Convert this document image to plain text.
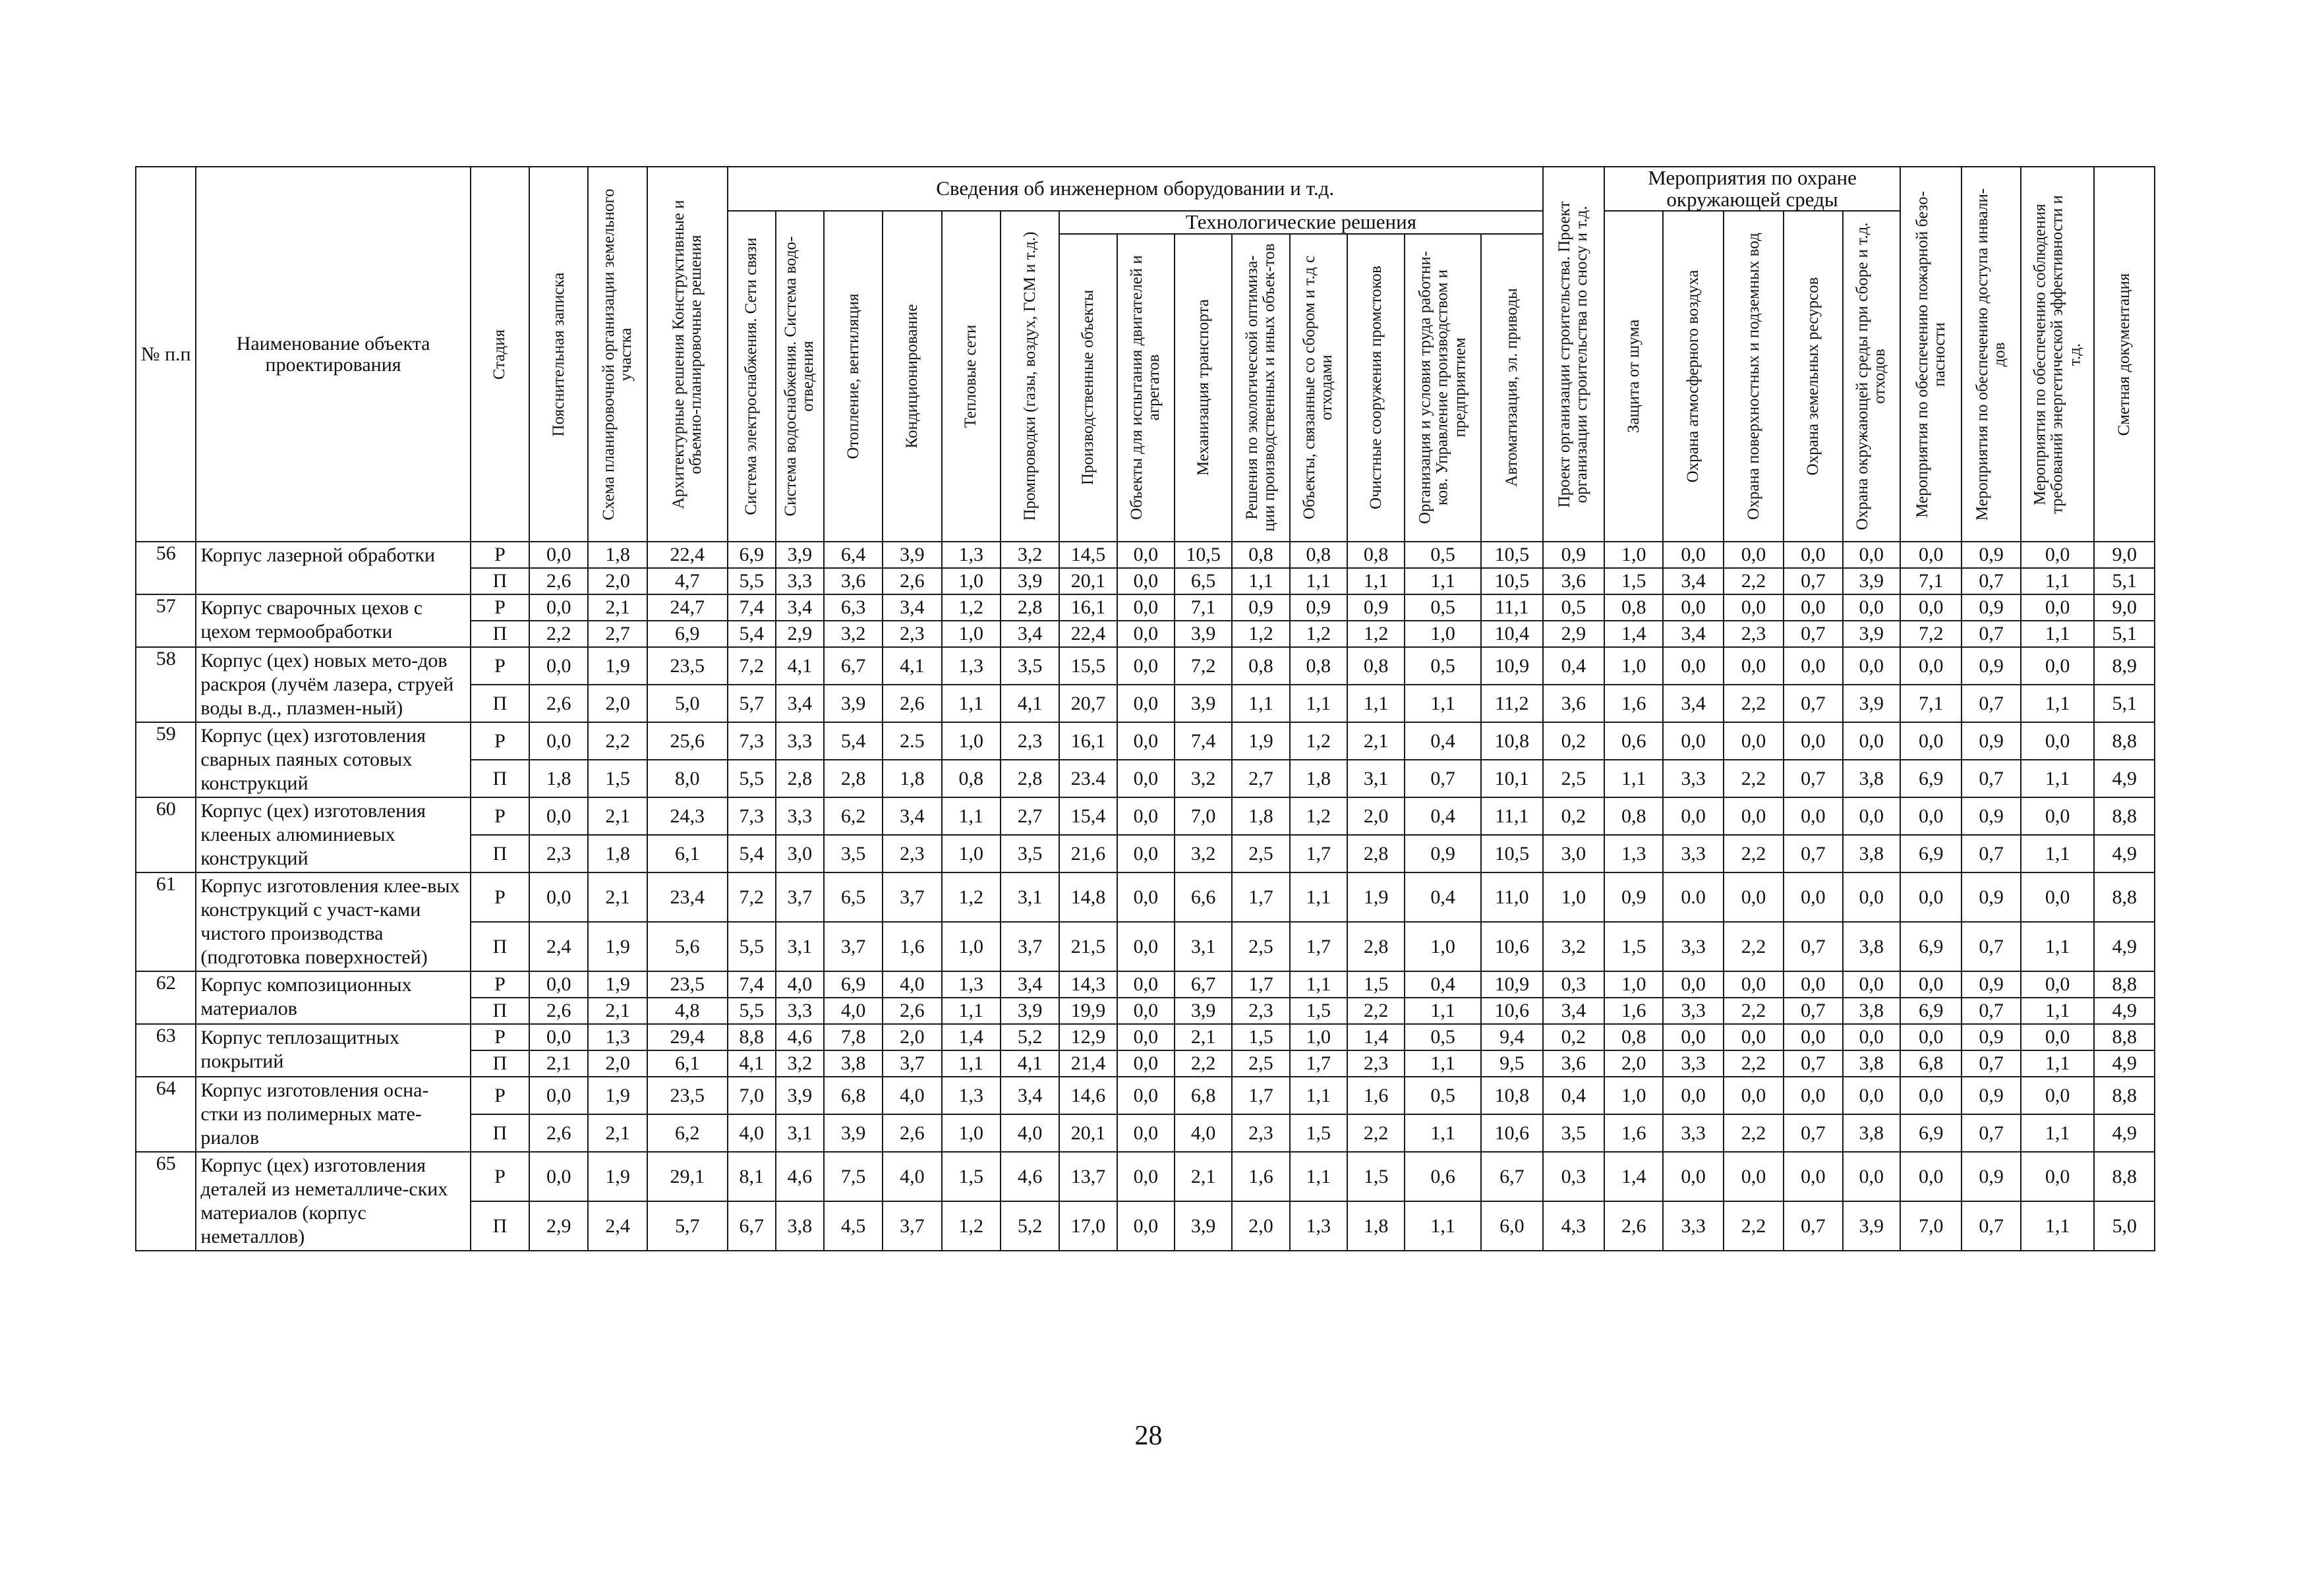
№ п.п	Наименование объекта проектирования	Стадия	Пояснительная записка	Схема планировочной организации земельного участка	Архитектурные решения Конструктивные и объемно-планировочные решения	Сведения об инженерном оборудовании и т.д.														Проект организации строительства. Проект организации строительства по сносу и т.д.	Мероприятия по охране окружающей среды					Мероприятия по обеспечению пожарной безо-пасности	Мероприятия по обеспечению доступа инвали-дов	Мероприятия по обеспечению соблюдения требований энергетической эффективности и т.д.	Сметная документация

						Система электроснабжения. Сети связи	Система водоснабжения. Система водо-отведения	Отопление, вентиляция	Кондиционирование	Тепловые сети	Промпроводки (газы, воздух, ГСМ и т.д.)	Технологические решения									Защита от шума	Охрана атмосферного воздуха	Охрана поверхностных и подземных вод	Охрана земельных ресурсов	Охрана окружающей среды при сборе и т.д. отходов				

												Производственные объекты	Объекты для испытания двигателей и агрегатов	Механизация транспорта	Решения по экологической оптимиза-ции производственных и иных объек-тов	Объекты, связанные со сбором и т.д с отходами	Очистные сооружения промстоков	Организация и условия труда работни-ков. Управление производством и предприятием	Автоматизация, эл. приводы										

56	Корпус лазерной обработки	Р	0,0	1,8	22,4	6,9	3,9	6,4	3,9	1,3	3,2	14,5	0,0	10,5	0,8	0,8	0,8	0,5	10,5	0,9	1,0	0,0	0,0	0,0	0,0	0,0	0,9	0,0	9,0
		П	2,6	2,0	4,7	5,5	3,3	3,6	2,6	1,0	3,9	20,1	0,0	6,5	1,1	1,1	1,1	1,1	10,5	3,6	1,5	3,4	2,2	0,7	3,9	7,1	0,7	1,1	5,1
57	Корпус сварочных цехов с цехом термообработки	Р	0,0	2,1	24,7	7,4	3,4	6,3	3,4	1,2	2,8	16,1	0,0	7,1	0,9	0,9	0,9	0,5	11,1	0,5	0,8	0,0	0,0	0,0	0,0	0,0	0,9	0,0	9,0
		П	2,2	2,7	6,9	5,4	2,9	3,2	2,3	1,0	3,4	22,4	0,0	3,9	1,2	1,2	1,2	1,0	10,4	2,9	1,4	3,4	2,3	0,7	3,9	7,2	0,7	1,1	5,1
58	Корпус (цех) новых мето-дов раскроя (лучём лазера, струей воды в.д., плазмен-ный)	Р	0,0	1,9	23,5	7,2	4,1	6,7	4,1	1,3	3,5	15,5	0,0	7,2	0,8	0,8	0,8	0,5	10,9	0,4	1,0	0,0	0,0	0,0	0,0	0,0	0,9	0,0	8,9
		П	2,6	2,0	5,0	5,7	3,4	3,9	2,6	1,1	4,1	20,7	0,0	3,9	1,1	1,1	1,1	1,1	11,2	3,6	1,6	3,4	2,2	0,7	3,9	7,1	0,7	1,1	5,1
59	Корпус (цех) изготовления сварных паяных сотовых конструкций	Р	0,0	2,2	25,6	7,3	3,3	5,4	2.5	1,0	2,3	16,1	0,0	7,4	1,9	1,2	2,1	0,4	10,8	0,2	0,6	0,0	0,0	0,0	0,0	0,0	0,9	0,0	8,8
		П	1,8	1,5	8,0	5,5	2,8	2,8	1,8	0,8	2,8	23.4	0,0	3,2	2,7	1,8	3,1	0,7	10,1	2,5	1,1	3,3	2,2	0,7	3,8	6,9	0,7	1,1	4,9
60	Корпус (цех) изготовления клееных алюминиевых конструкций	Р	0,0	2,1	24,3	7,3	3,3	6,2	3,4	1,1	2,7	15,4	0,0	7,0	1,8	1,2	2,0	0,4	11,1	0,2	0,8	0,0	0,0	0,0	0,0	0,0	0,9	0,0	8,8
		П	2,3	1,8	6,1	5,4	3,0	3,5	2,3	1,0	3,5	21,6	0,0	3,2	2,5	1,7	2,8	0,9	10,5	3,0	1,3	3,3	2,2	0,7	3,8	6,9	0,7	1,1	4,9
61	Корпус изготовления клее-вых конструкций с участ-ками чистого производства (подготовка поверхностей)	Р	0,0	2,1	23,4	7,2	3,7	6,5	3,7	1,2	3,1	14,8	0,0	6,6	1,7	1,1	1,9	0,4	11,0	1,0	0,9	0.0	0,0	0,0	0,0	0,0	0,9	0,0	8,8
		П	2,4	1,9	5,6	5,5	3,1	3,7	1,6	1,0	3,7	21,5	0,0	3,1	2,5	1,7	2,8	1,0	10,6	3,2	1,5	3,3	2,2	0,7	3,8	6,9	0,7	1,1	4,9
62	Корпус композиционных материалов	Р	0,0	1,9	23,5	7,4	4,0	6,9	4,0	1,3	3,4	14,3	0,0	6,7	1,7	1,1	1,5	0,4	10,9	0,3	1,0	0,0	0,0	0,0	0,0	0,0	0,9	0,0	8,8
		П	2,6	2,1	4,8	5,5	3,3	4,0	2,6	1,1	3,9	19,9	0,0	3,9	2,3	1,5	2,2	1,1	10,6	3,4	1,6	3,3	2,2	0,7	3,8	6,9	0,7	1,1	4,9
63	Корпус теплозащитных покрытий	Р	0,0	1,3	29,4	8,8	4,6	7,8	2,0	1,4	5,2	12,9	0,0	2,1	1,5	1,0	1,4	0,5	9,4	0,2	0,8	0,0	0,0	0,0	0,0	0,0	0,9	0,0	8,8
		П	2,1	2,0	6,1	4,1	3,2	3,8	3,7	1,1	4,1	21,4	0,0	2,2	2,5	1,7	2,3	1,1	9,5	3,6	2,0	3,3	2,2	0,7	3,8	6,8	0,7	1,1	4,9
64	Корпус изготовления осна-стки из полимерных мате-риалов	Р	0,0	1,9	23,5	7,0	3,9	6,8	4,0	1,3	3,4	14,6	0,0	6,8	1,7	1,1	1,6	0,5	10,8	0,4	1,0	0,0	0,0	0,0	0,0	0,0	0,9	0,0	8,8
		П	2,6	2,1	6,2	4,0	3,1	3,9	2,6	1,0	4,0	20,1	0,0	4,0	2,3	1,5	2,2	1,1	10,6	3,5	1,6	3,3	2,2	0,7	3,8	6,9	0,7	1,1	4,9
65	Корпус (цех) изготовления деталей из неметалличе-ских материалов (корпус неметаллов)	Р	0,0	1,9	29,1	8,1	4,6	7,5	4,0	1,5	4,6	13,7	0,0	2,1	1,6	1,1	1,5	0,6	6,7	0,3	1,4	0,0	0,0	0,0	0,0	0,0	0,9	0,0	8,8
		П	2,9	2,4	5,7	6,7	3,8	4,5	3,7	1,2	5,2	17,0	0,0	3,9	2,0	1,3	1,8	1,1	6,0	4,3	2,6	3,3	2,2	0,7	3,9	7,0	0,7	1,1	5,0
28
